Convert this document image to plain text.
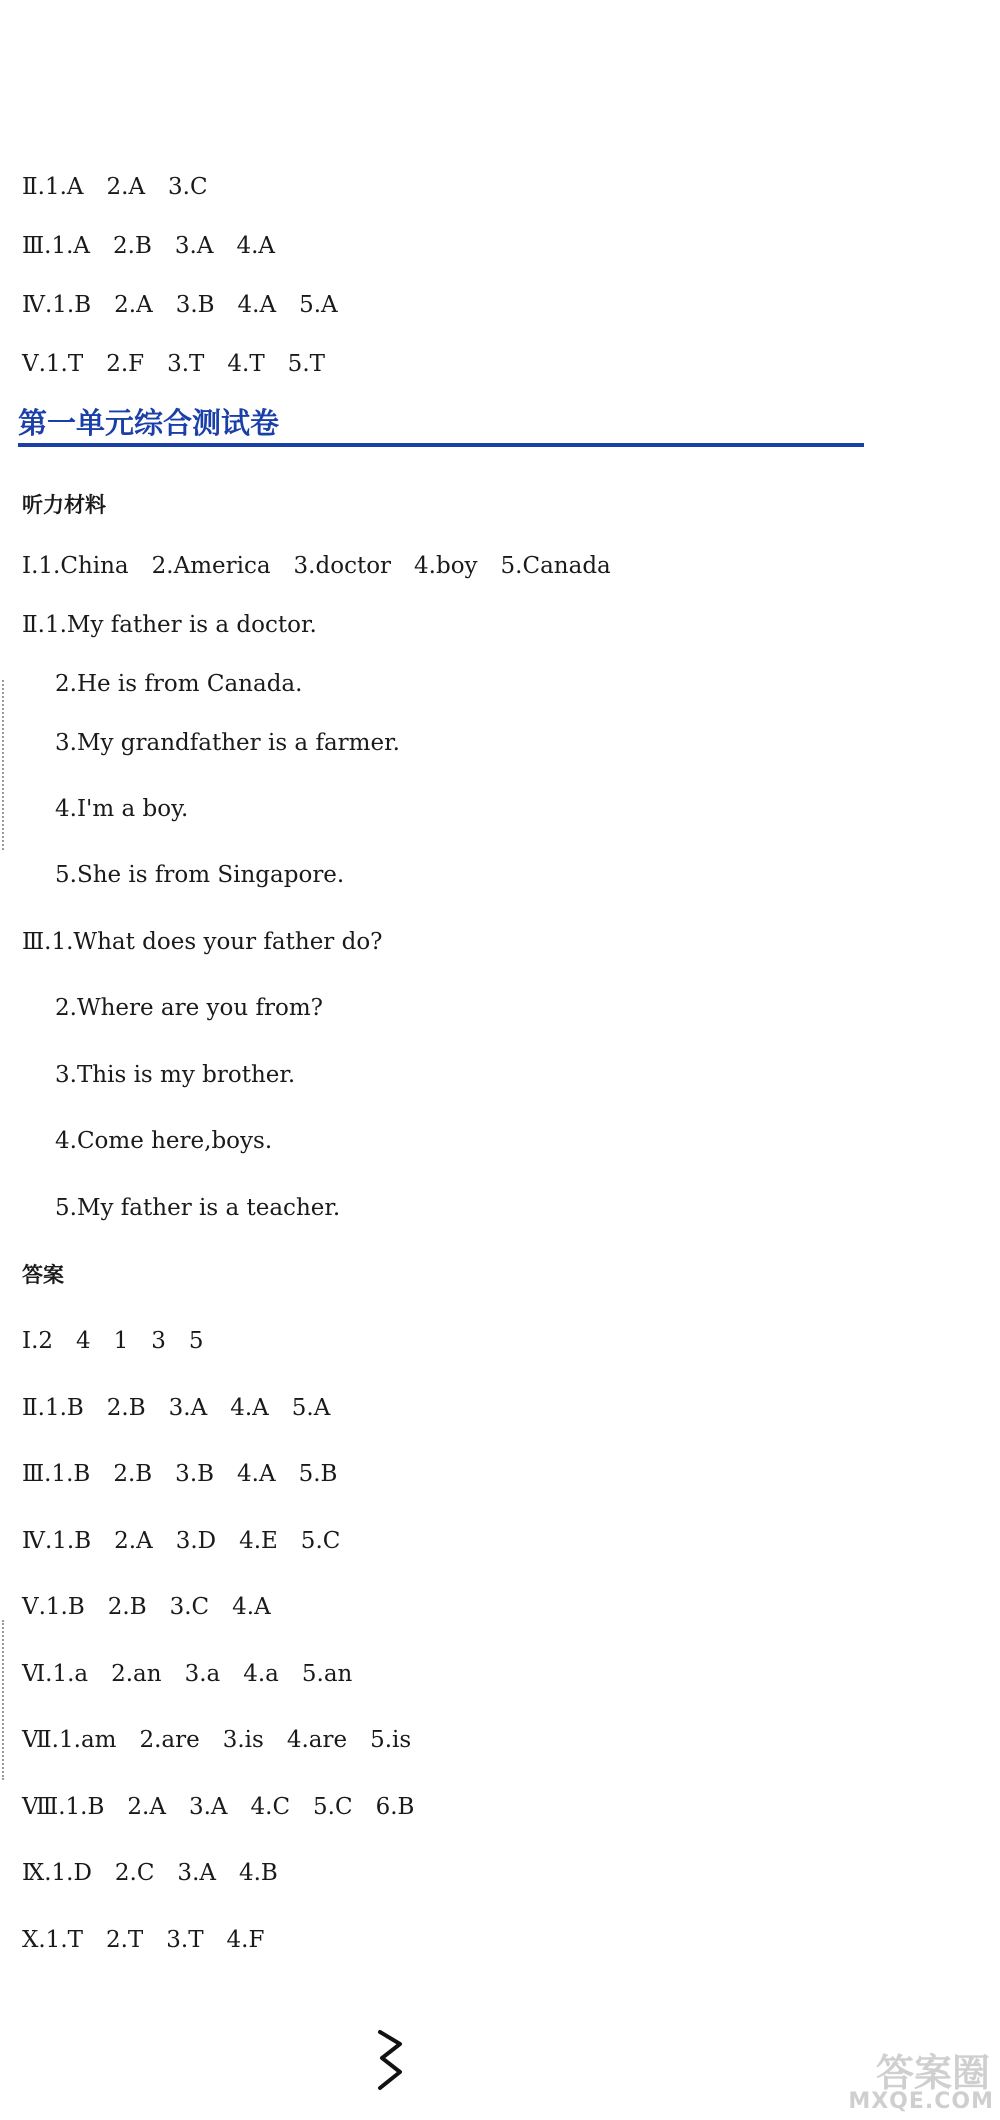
Ⅱ.1.A　2.A　3.C
Ⅲ.1.A　2.B　3.A　4.A
Ⅳ.1.B　2.A　3.B　4.A　5.A
Ⅴ.1.T　2.F　3.T　4.T　5.T
第一单元综合测试卷
听力材料
Ⅰ.1.China　2.America　3.doctor　4.boy　5.Canada
Ⅱ.1.My father is a doctor.
2.He is from Canada.
3.My grandfather is a farmer.
4.I'm a boy.
5.She is from Singapore.
Ⅲ.1.What does your father do?
2.Where are you from?
3.This is my brother.
4.Come here,boys.
5.My father is a teacher.
答案
Ⅰ.2　4　1　3　5
Ⅱ.1.B　2.B　3.A　4.A　5.A
Ⅲ.1.B　2.B　3.B　4.A　5.B
Ⅳ.1.B　2.A　3.D　4.E　5.C
Ⅴ.1.B　2.B　3.C　4.A
Ⅵ.1.a　2.an　3.a　4.a　5.an
Ⅶ.1.am　2.are　3.is　4.are　5.is
Ⅷ.1.B　2.A　3.A　4.C　5.C　6.B
Ⅸ.1.D　2.C　3.A　4.B
Ⅹ.1.T　2.T　3.T　4.F
答案圈
MXQE.COM
